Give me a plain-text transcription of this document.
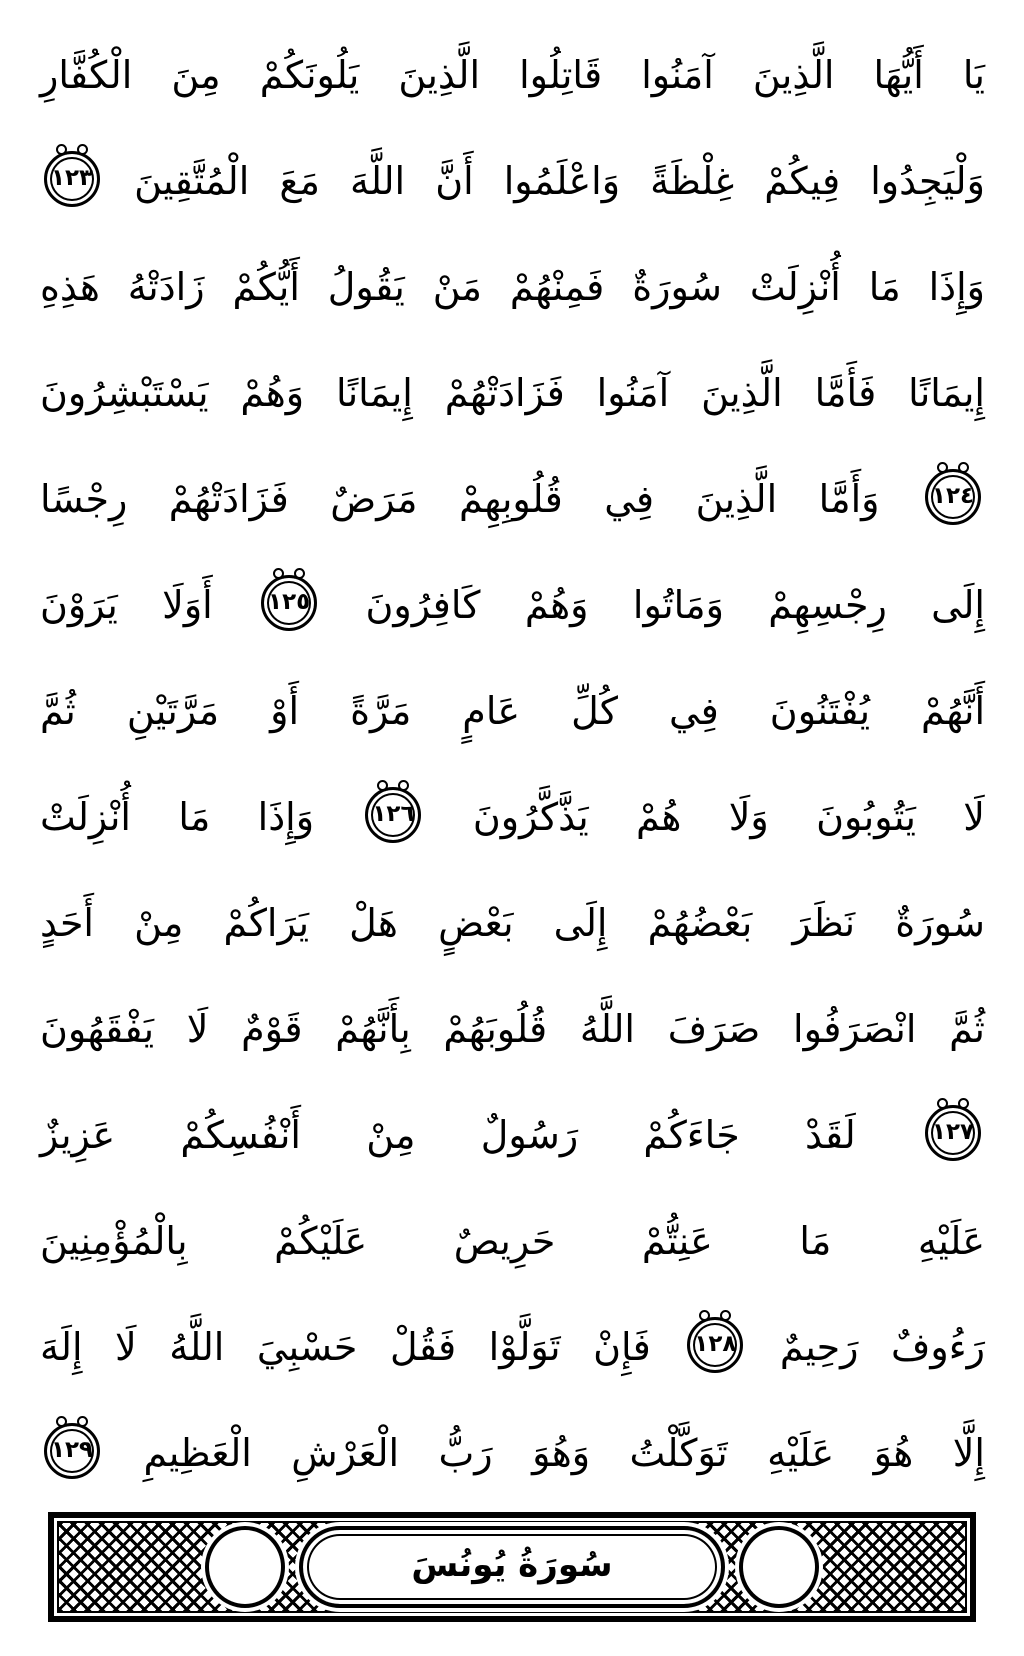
يَا أَيُّهَا الَّذِينَ آمَنُوا قَاتِلُوا الَّذِينَ يَلُونَكُمْ مِنَ الْكُفَّارِ
وَلْيَجِدُوا فِيكُمْ غِلْظَةً وَاعْلَمُوا أَنَّ اللَّهَ مَعَ الْمُتَّقِينَ
١٢٣
وَإِذَا مَا أُنْزِلَتْ سُورَةٌ فَمِنْهُمْ مَنْ يَقُولُ أَيُّكُمْ زَادَتْهُ هَذِهِ
إِيمَانًا فَأَمَّا الَّذِينَ آمَنُوا فَزَادَتْهُمْ إِيمَانًا وَهُمْ يَسْتَبْشِرُونَ
١٢٤
وَأَمَّا الَّذِينَ فِي قُلُوبِهِمْ مَرَضٌ فَزَادَتْهُمْ رِجْسًا
إِلَى رِجْسِهِمْ وَمَاتُوا وَهُمْ كَافِرُونَ
١٢٥
أَوَلَا يَرَوْنَ
أَنَّهُمْ يُفْتَنُونَ فِي كُلِّ عَامٍ مَرَّةً أَوْ مَرَّتَيْنِ ثُمَّ
لَا يَتُوبُونَ وَلَا هُمْ يَذَّكَّرُونَ
١٢٦
وَإِذَا مَا أُنْزِلَتْ
سُورَةٌ نَظَرَ بَعْضُهُمْ إِلَى بَعْضٍ هَلْ يَرَاكُمْ مِنْ أَحَدٍ
ثُمَّ انْصَرَفُوا صَرَفَ اللَّهُ قُلُوبَهُمْ بِأَنَّهُمْ قَوْمٌ لَا يَفْقَهُونَ
١٢٧
لَقَدْ جَاءَكُمْ رَسُولٌ مِنْ أَنْفُسِكُمْ عَزِيزٌ
عَلَيْهِ مَا عَنِتُّمْ حَرِيصٌ عَلَيْكُمْ بِالْمُؤْمِنِينَ
رَءُوفٌ رَحِيمٌ
١٢٨
فَإِنْ تَوَلَّوْا فَقُلْ حَسْبِيَ اللَّهُ لَا إِلَهَ
إِلَّا هُوَ عَلَيْهِ تَوَكَّلْتُ وَهُوَ رَبُّ الْعَرْشِ الْعَظِيمِ
١٢٩
سُورَةُ يُونُسَ
